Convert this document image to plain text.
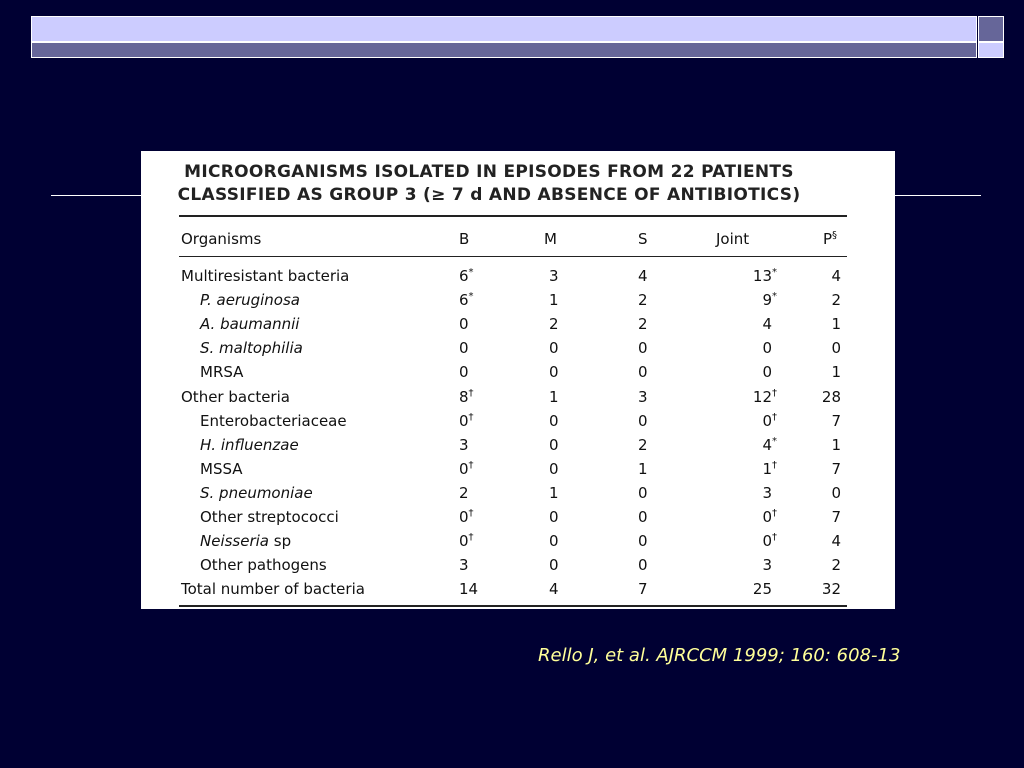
MICROORGANISMS ISOLATED IN EPISODES FROM 22 PATIENTS
CLASSIFIED AS GROUP 3 (≥ 7 d AND ABSENCE OF ANTIBIOTICS)
Organisms	B	M	S	Joint	P§
Multiresistant bacteria	6*	3	4	13*	4
P. aeruginosa	6*	1	2	9*	2
A. baumannii	0	2	2	4	1
S. maltophilia	0	0	0	0	0
MRSA	0	0	0	0	1
Other bacteria	8†	1	3	12†	28
Enterobacteriaceae	0†	0	0	0†	7
H. influenzae	3	0	2	4*	1
MSSA	0†	0	1	1†	7
S. pneumoniae	2	1	0	3	0
Other streptococci	0†	0	0	0†	7
Neisseria sp	0†	0	0	0†	4
Other pathogens	3	0	0	3	2
Total number of bacteria	14	4	7	25	32
Rello J, et al. AJRCCM 1999; 160: 608-13
